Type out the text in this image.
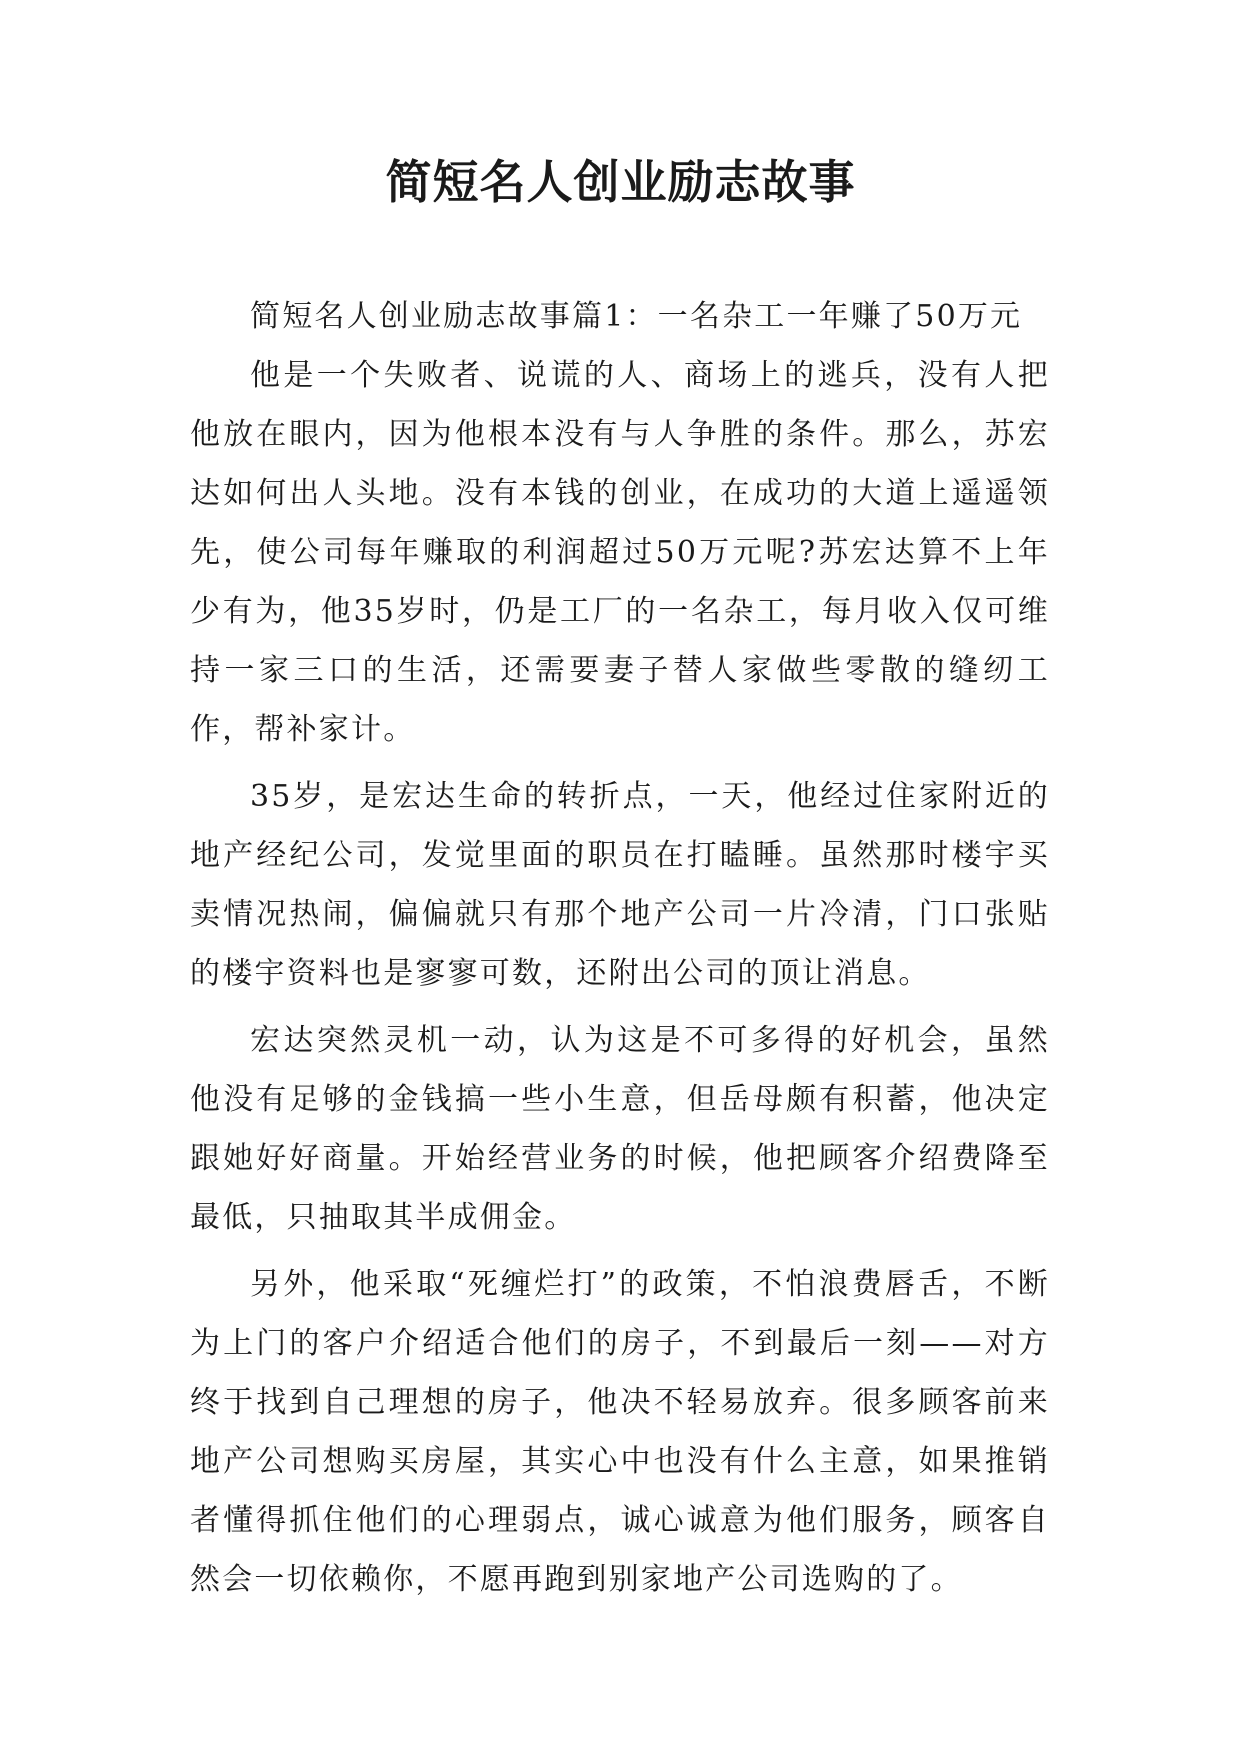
简短名人创业励志故事

简短名人创业励志故事篇1：一名杂工一年赚了50万元

他是一个失败者、说谎的人、商场上的逃兵，没有人把他放在眼内，因为他根本没有与人争胜的条件。那么，苏宏达如何出人头地。没有本钱的创业，在成功的大道上遥遥领先，使公司每年赚取的利润超过50万元呢?苏宏达算不上年少有为，他35岁时，仍是工厂的一名杂工，每月收入仅可维持一家三口的生活，还需要妻子替人家做些零散的缝纫工作，帮补家计。

35岁，是宏达生命的转折点，一天，他经过住家附近的地产经纪公司，发觉里面的职员在打瞌睡。虽然那时楼宇买卖情况热闹，偏偏就只有那个地产公司一片冷清，门口张贴的楼宇资料也是寥寥可数，还附出公司的顶让消息。

宏达突然灵机一动，认为这是不可多得的好机会，虽然他没有足够的金钱搞一些小生意，但岳母颇有积蓄，他决定跟她好好商量。开始经营业务的时候，他把顾客介绍费降至最低，只抽取其半成佣金。

另外，他采取“死缠烂打”的政策，不怕浪费唇舌，不断为上门的客户介绍适合他们的房子，不到最后一刻——对方终于找到自己理想的房子，他决不轻易放弃。很多顾客前来地产公司想购买房屋，其实心中也没有什么主意，如果推销者懂得抓住他们的心理弱点，诚心诚意为他们服务，顾客自然会一切依赖你，不愿再跑到别家地产公司选购的了。
